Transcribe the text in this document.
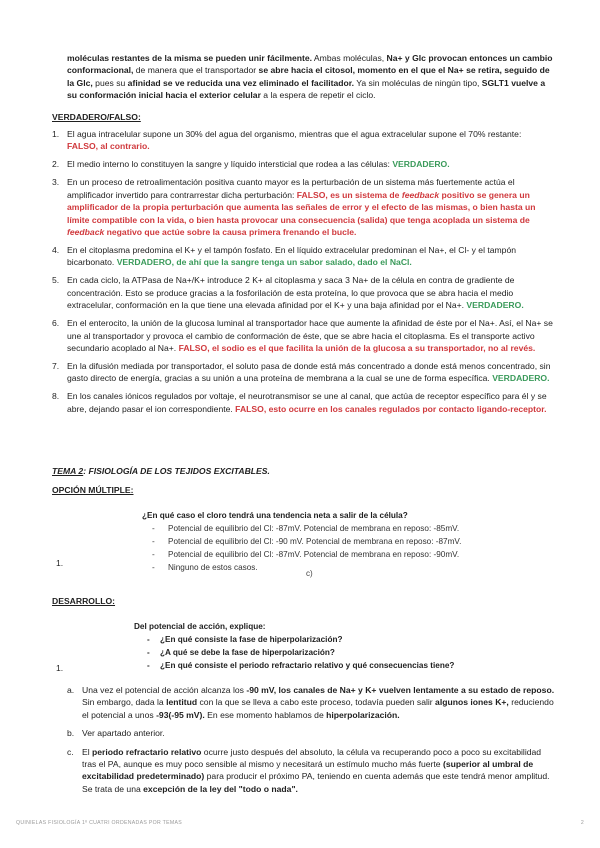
moléculas restantes de la misma se pueden unir fácilmente. Ambas moléculas, Na+ y Glc provocan entonces un cambio conformacional, de manera que el transportador se abre hacia el citosol, momento en el que el Na+ se retira, seguido de la Glc, pues su afinidad se ve reducida una vez eliminado el facilitador. Ya sin moléculas de ningún tipo, SGLT1 vuelve a su conformación inicial hacia el exterior celular a la espera de repetir el ciclo.
VERDADERO/FALSO:
1. El agua intracelular supone un 30% del agua del organismo, mientras que el agua extracelular supone el 70% restante: FALSO, al contrario.
2. El medio interno lo constituyen la sangre y líquido intersticial que rodea a las células: VERDADERO.
3. En un proceso de retroalimentación positiva cuanto mayor es la perturbación de un sistema más fuertemente actúa el amplificador invertido para contrarrestar dicha perturbación: FALSO, es un sistema de feedback positivo se genera un amplificador de la propia perturbación que aumenta las señales de error y el efecto de las mismas, o bien hasta un límite compatible con la vida, o bien hasta provocar una consecuencia (salida) que tenga acoplada un sistema de feedback negativo que actúe sobre la causa primera frenando el bucle.
4. En el citoplasma predomina el K+ y el tampón fosfato. En el líquido extracelular predominan el Na+, el Cl- y el tampón bicarbonato. VERDADERO, de ahí que la sangre tenga un sabor salado, dado el NaCl.
5. En cada ciclo, la ATPasa de Na+/K+ introduce 2 K+ al citoplasma y saca 3 Na+ de la célula en contra de gradiente de concentración. Esto se produce gracias a la fosforilación de esta proteína, lo que provoca que se abra hacia el medio extracelular, conformación en la que tiene una elevada afinidad por el K+ y una baja afinidad por el Na+. VERDADERO.
6. En el enterocito, la unión de la glucosa luminal al transportador hace que aumente la afinidad de éste por el Na+. Así, el Na+ se une al transportador y provoca el cambio de conformación de éste, que se abre hacia el citoplasma. Es el transporte activo secundario acoplado al Na+. FALSO, el sodio es el que facilita la unión de la glucosa a su transportador, no al revés.
7. En la difusión mediada por transportador, el soluto pasa de donde está más concentrado a donde está menos concentrado, sin gasto directo de energía, gracias a su unión a una proteína de membrana a la cual se une de forma específica. VERDADERO.
8. En los canales iónicos regulados por voltaje, el neurotransmisor se une al canal, que actúa de receptor específico para él y se abre, dejando pasar el ion correspondiente. FALSO, esto ocurre en los canales regulados por contacto ligando-receptor.
TEMA 2: FISIOLOGÍA DE LOS TEJIDOS EXCITABLES.
OPCIÓN MÚLTIPLE:
¿En qué caso el cloro tendrá una tendencia neta a salir de la célula?
- Potencial de equilibrio del Cl: -87mV. Potencial de membrana en reposo: -85mV.
- Potencial de equilibrio del Cl: -90 mV. Potencial de membrana en reposo: -87mV.
- Potencial de equilibrio del Cl: -87mV. Potencial de membrana en reposo: -90mV.
- Ninguno de estos casos.
1.
c)
DESARROLLO:
Del potencial de acción, explique:
- ¿En qué consiste la fase de hiperpolarización?
- ¿A qué se debe la fase de hiperpolarización?
- ¿En qué consiste el periodo refractario relativo y qué consecuencias tiene?
1.
a. Una vez el potencial de acción alcanza los -90 mV, los canales de Na+ y K+ vuelven lentamente a su estado de reposo. Sin embargo, dada la lentitud con la que se lleva a cabo este proceso, todavía pueden salir algunos iones K+, reduciendo el potencial a unos -93(-95 mV). En ese momento hablamos de hiperpolarización.
b. Ver apartado anterior.
c. El periodo refractario relativo ocurre justo después del absoluto, la célula va recuperando poco a poco su excitabilidad tras el PA, aunque es muy poco sensible al mismo y necesitará un estímulo mucho más fuerte (superior al umbral de excitabilidad predeterminado) para producir el próximo PA, teniendo en cuenta además que este tendrá menor amplitud. Se trata de una excepción de la ley del "todo o nada".
QUINIELAS FISIOLOGÍA 1º CUATRI ORDENADAS POR TEMAS	2
